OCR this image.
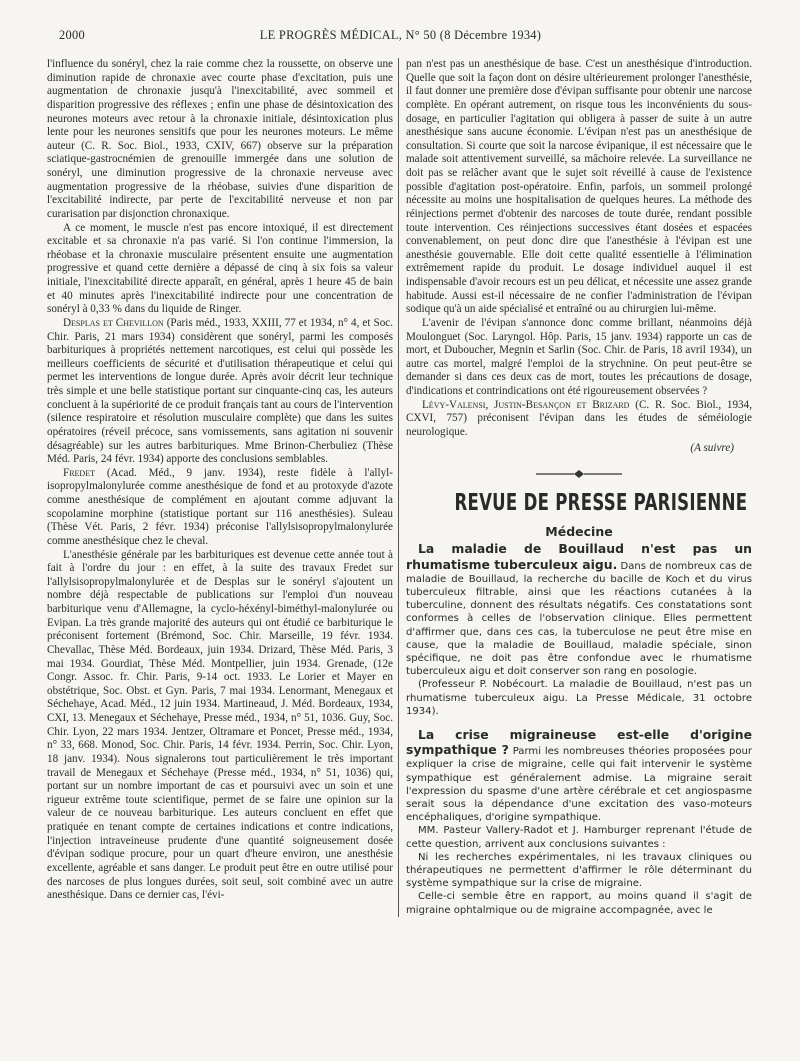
2000	LE PROGRÈS MÉDICAL, N° 50 (8 Décembre 1934)

l'influence du sonéryl, chez la raie comme chez la roussette, on observe une diminution rapide de chronaxie avec courte phase d'excitation, puis une augmentation de chronaxie jusqu'à l'inexcitabilité, avec sommeil et disparition progressive des réflexes ; enfin une phase de désintoxication des neurones moteurs avec retour à la chronaxie initiale, désintoxication plus lente pour les neurones sensitifs que pour les neurones moteurs. Le même auteur (C. R. Soc. Biol., 1933, CXIV, 667) observe sur la préparation sciatique-gastrocnémien de grenouille immergée dans une solution de sonéryl, une diminution progressive de la chronaxie nerveuse avec augmentation progressive de la rhéobase, suivies d'une disparition de l'excitabilité indirecte, par perte de l'excitabilité nerveuse et non par curarisation par disjonction chronaxique.

A ce moment, le muscle n'est pas encore intoxiqué, il est directement excitable et sa chronaxie n'a pas varié. Si l'on continue l'immersion, la rhéobase et la chronaxie musculaire présentent ensuite une augmentation progressive et quand cette dernière a dépassé de cinq à six fois sa valeur initiale, l'inexcitabilité directe apparaît, en général, après 1 heure 45 de bain et 40 minutes après l'inexcitabilité indirecte pour une concentration de sonéryl à 0,33 % dans du liquide de Ringer.

Desplas et Chevillon (Paris méd., 1933, XXIII, 77 et 1934, n° 4, et Soc. Chir. Paris, 21 mars 1934) considèrent que sonéryl, parmi les composés barbituriques à propriétés nettement narcotiques, est celui qui possède les meilleurs coefficients de sécurité et d'utilisation thérapeutique et celui qui permet les interventions de longue durée. Après avoir décrit leur technique très simple et une belle statistique portant sur cinquante-cinq cas, les auteurs concluent à la supériorité de ce produit français tant au cours de l'intervention (silence respiratoire et résolution musculaire complète) que dans les suites opératoires (réveil précoce, sans vomissements, sans agitation ni souvenir désagréable) sur les autres barbituriques. Mme Brinon-Cherbuliez (Thèse Méd. Paris, 24 févr. 1934) apporte des conclusions semblables.

Fredet (Acad. Méd., 9 janv. 1934), reste fidèle à l'allyl-isopropylmalonylurée comme anesthésique de fond et au protoxyde d'azote comme anesthésique de complément en ajoutant comme adjuvant la scopolamine morphine (statistique portant sur 116 anesthésies). Suleau (Thèse Vét. Paris, 2 févr. 1934) préconise l'allylsisopropylmalonylurée comme anesthésique chez le cheval.

L'anesthésie générale par les barbituriques est devenue cette année tout à fait à l'ordre du jour : en effet, à la suite des travaux Fredet sur l'allylsisopropylmalonylurée et de Desplas sur le sonéryl s'ajoutent un nombre déjà respectable de publications sur l'emploi d'un nouveau barbiturique venu d'Allemagne, la cyclo-héxényl-biméthyl-malonylurée ou Evipan. La très grande majorité des auteurs qui ont étudié ce barbiturique le préconisent fortement (Brémond, Soc. Chir. Marseille, 19 févr. 1934. Chevallac, Thèse Méd. Bordeaux, juin 1934. Drizard, Thèse Méd. Paris, 3 mai 1934. Gourdiat, Thèse Méd. Montpellier, juin 1934. Grenade, (12e Congr. Assoc. fr. Chir. Paris, 9-14 oct. 1933. Le Lorier et Mayer en obstétrique, Soc. Obst. et Gyn. Paris, 7 mai 1934. Lenormant, Menegaux et Séchehaye, Acad. Méd., 12 juin 1934. Martineaud, J. Méd. Bordeaux, 1934, CXI, 13. Menegaux et Séchehaye, Presse méd., 1934, n° 51, 1036. Guy, Soc. Chir. Lyon, 22 mars 1934. Jentzer, Oltramare et Poncet, Presse méd., 1934, n° 33, 668. Monod, Soc. Chir. Paris, 14 févr. 1934. Perrin, Soc. Chir. Lyon, 18 janv. 1934). Nous signalerons tout particulièrement le très important travail de Menegaux et Séchehaye (Presse méd., 1934, n° 51, 1036) qui, portant sur un nombre important de cas et poursuivi avec un soin et une rigueur extrême toute scientifique, permet de se faire une opinion sur la valeur de ce nouveau barbiturique. Les auteurs concluent en effet que pratiquée en tenant compte de certaines indications et contre indications, l'injection intraveineuse prudente d'une quantité soigneusement dosée d'évipan sodique procure, pour un quart d'heure environ, une anesthésie excellente, agréable et sans danger. Le produit peut être en outre utilisé pour des narcoses de plus longues durées, soit seul, soit combiné avec un autre anesthésique. Dans ce dernier cas, l'évi-

pan n'est pas un anesthésique de base. C'est un anesthésique d'introduction. Quelle que soit la façon dont on désire ultérieurement prolonger l'anesthésie, il faut donner une première dose d'évipan suffisante pour obtenir une narcose complète. En opérant autrement, on risque tous les inconvénients du sous-dosage, en particulier l'agitation qui obligera à passer de suite à un autre anesthésique sans aucune économie. L'évipan n'est pas un anesthésique de consultation. Si courte que soit la narcose évipanique, il est nécessaire que le malade soit attentivement surveillé, sa mâchoire relevée. La surveillance ne doit pas se relâcher avant que le sujet soit réveillé à cause de l'existence possible d'agitation post-opératoire. Enfin, parfois, un sommeil prolongé nécessite au moins une hospitalisation de quelques heures. La méthode des réinjections permet d'obtenir des narcoses de toute durée, rendant possible toute intervention. Ces réinjections successives étant dosées et espacées convenablement, on peut donc dire que l'anesthésie à l'évipan est une anesthésie gouvernable. Elle doit cette qualité essentielle à l'élimination extrêmement rapide du produit. Le dosage individuel auquel il est indispensable d'avoir recours est un peu délicat, et nécessite une assez grande habitude. Aussi est-il nécessaire de ne confier l'administration de l'évipan sodique qu'à un aide spécialisé et entraîné ou au chirurgien lui-même.

L'avenir de l'évipan s'annonce donc comme brillant, néanmoins déjà Moulonguet (Soc. Laryngol. Hôp. Paris, 15 janv. 1934) rapporte un cas de mort, et Duboucher, Megnin et Sarlin (Soc. Chir. de Paris, 18 avril 1934), un autre cas mortel, malgré l'emploi de la strychnine. On peut peut-être se demander si dans ces deux cas de mort, toutes les précautions de dosage, d'indications et contrindications ont été rigoureusement observées ?

Lévy-Valensi, Justin-Besançon et Brizard (C. R. Soc. Biol., 1934, CXVI, 757) préconisent l'évipan dans les études de séméiologie neurologique.

(A suivre)

REVUE DE PRESSE PARISIENNE
Médecine

La maladie de Bouillaud n'est pas un rhumatisme tuberculeux aigu. Dans de nombreux cas de maladie de Bouillaud, la recherche du bacille de Koch et du virus tuberculeux filtrable, ainsi que les réactions cutanées à la tuberculine, donnent des résultats négatifs. Ces constatations sont conformes à celles de l'observation clinique. Elles permettent d'affirmer que, dans ces cas, la tuberculose ne peut être mise en cause, que la maladie de Bouillaud, maladie spéciale, sinon spécifique, ne doit pas être confondue avec le rhumatisme tuberculeux aigu et doit conserver son rang en posologie.

(Professeur P. Nobécourt. La maladie de Bouillaud, n'est pas un rhumatisme tuberculeux aigu. La Presse Médicale, 31 octobre 1934).

La crise migraineuse est-elle d'origine sympathique ? Parmi les nombreuses théories proposées pour expliquer la crise de migraine, celle qui fait intervenir le système sympathique est généralement admise. La migraine serait l'expression du spasme d'une artère cérébrale et cet angiospasme serait sous la dépendance d'une excitation des vaso-moteurs encéphaliques, d'origine sympathique.

MM. Pasteur Vallery-Radot et J. Hamburger reprenant l'étude de cette question, arrivent aux conclusions suivantes :

Ni les recherches expérimentales, ni les travaux cliniques ou thérapeutiques ne permettent d'affirmer le rôle déterminant du système sympathique sur la crise de migraine.

Celle-ci semble être en rapport, au moins quand il s'agit de migraine ophtalmique ou de migraine accompagnée, avec le
